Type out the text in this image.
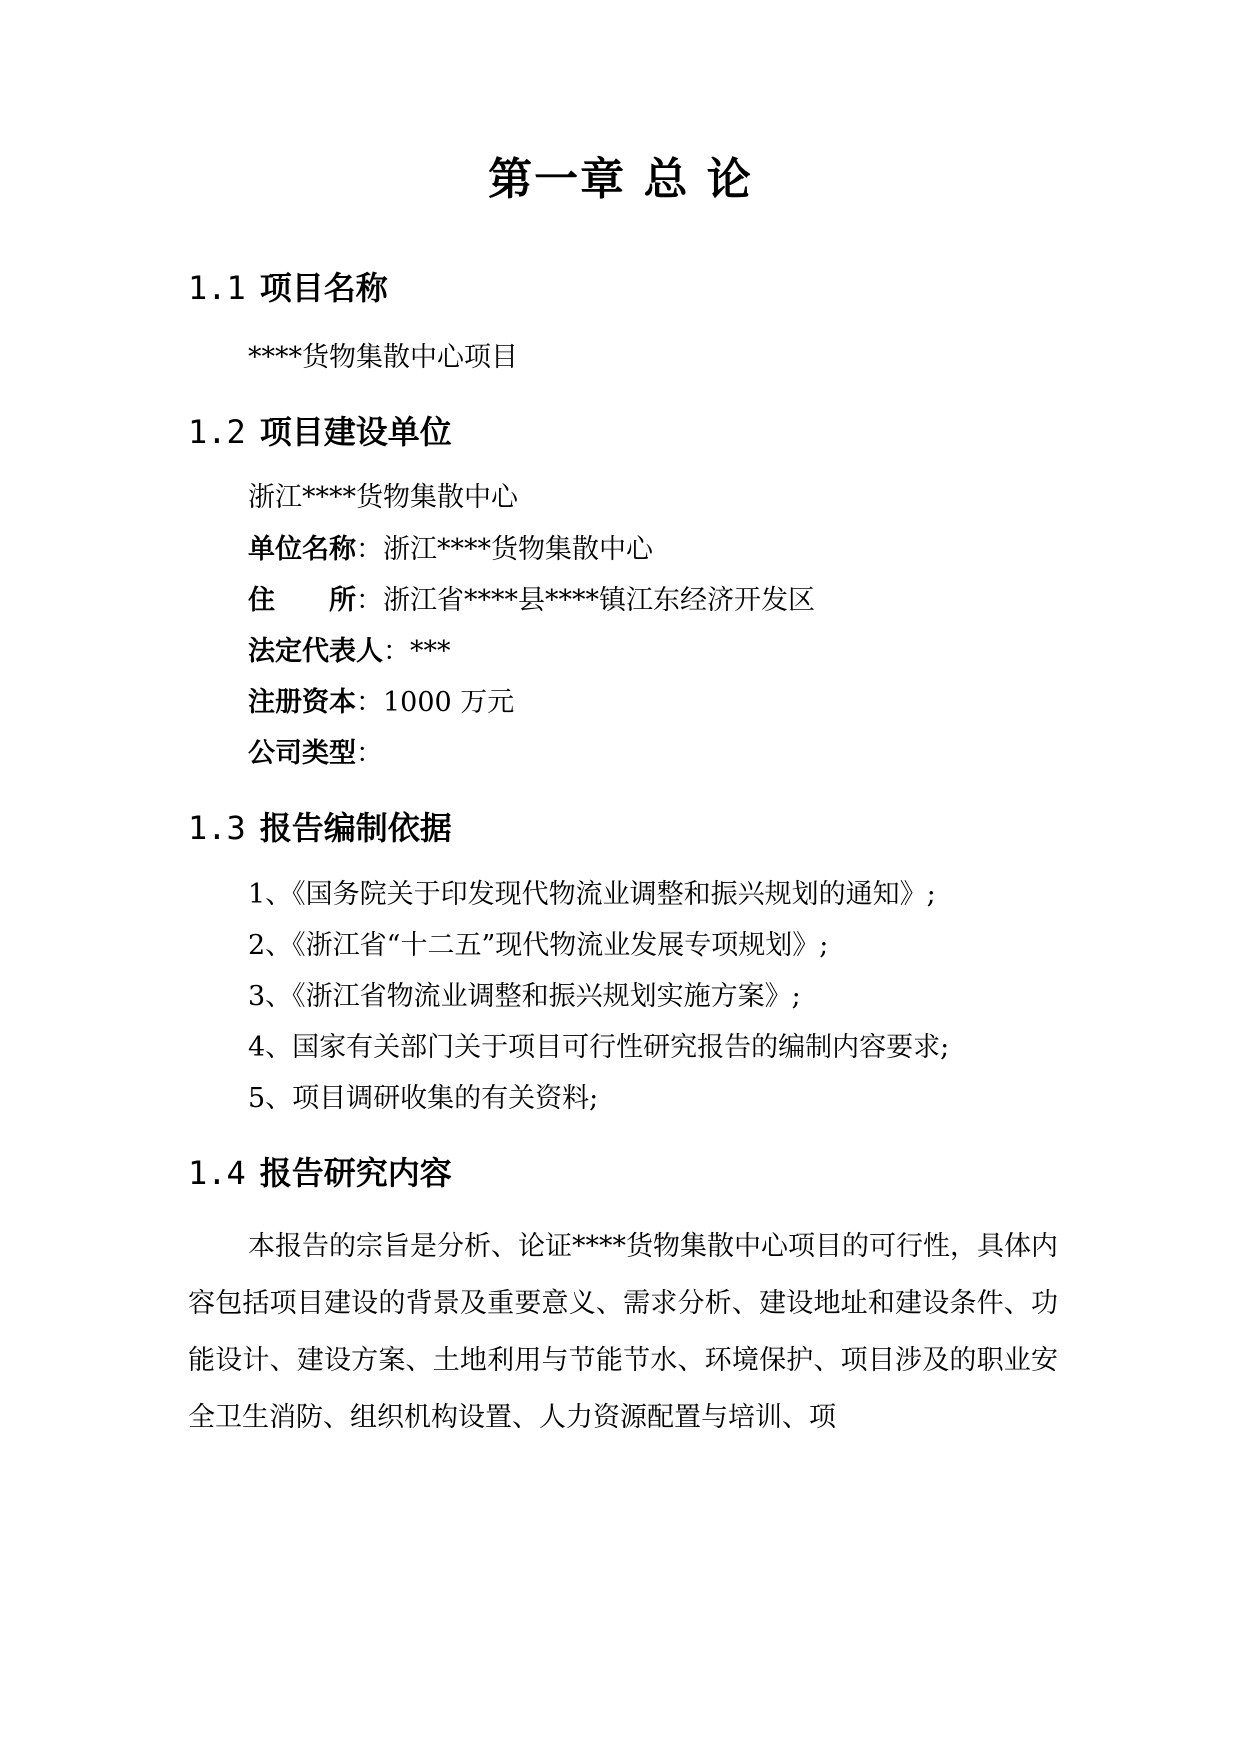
第一章 总 论
1.1 项目名称

****货物集散中心项目

1.2 项目建设单位

浙江****货物集散中心

单位名称：浙江****货物集散中心

住　　所：浙江省****县****镇江东经济开发区

法定代表人：***

注册资本：1000 万元

公司类型：

1.3 报告编制依据

1、《国务院关于印发现代物流业调整和振兴规划的通知》;

2、《浙江省“十二五”现代物流业发展专项规划》;

3、《浙江省物流业调整和振兴规划实施方案》;

4、国家有关部门关于项目可行性研究报告的编制内容要求;

5、项目调研收集的有关资料;

1.4 报告研究内容

本报告的宗旨是分析、论证****货物集散中心项目的可行性，具体内容包括项目建设的背景及重要意义、需求分析、建设地址和建设条件、功能设计、建设方案、土地利用与节能节水、环境保护、项目涉及的职业安全卫生消防、组织机构设置、人力资源配置与培训、项
